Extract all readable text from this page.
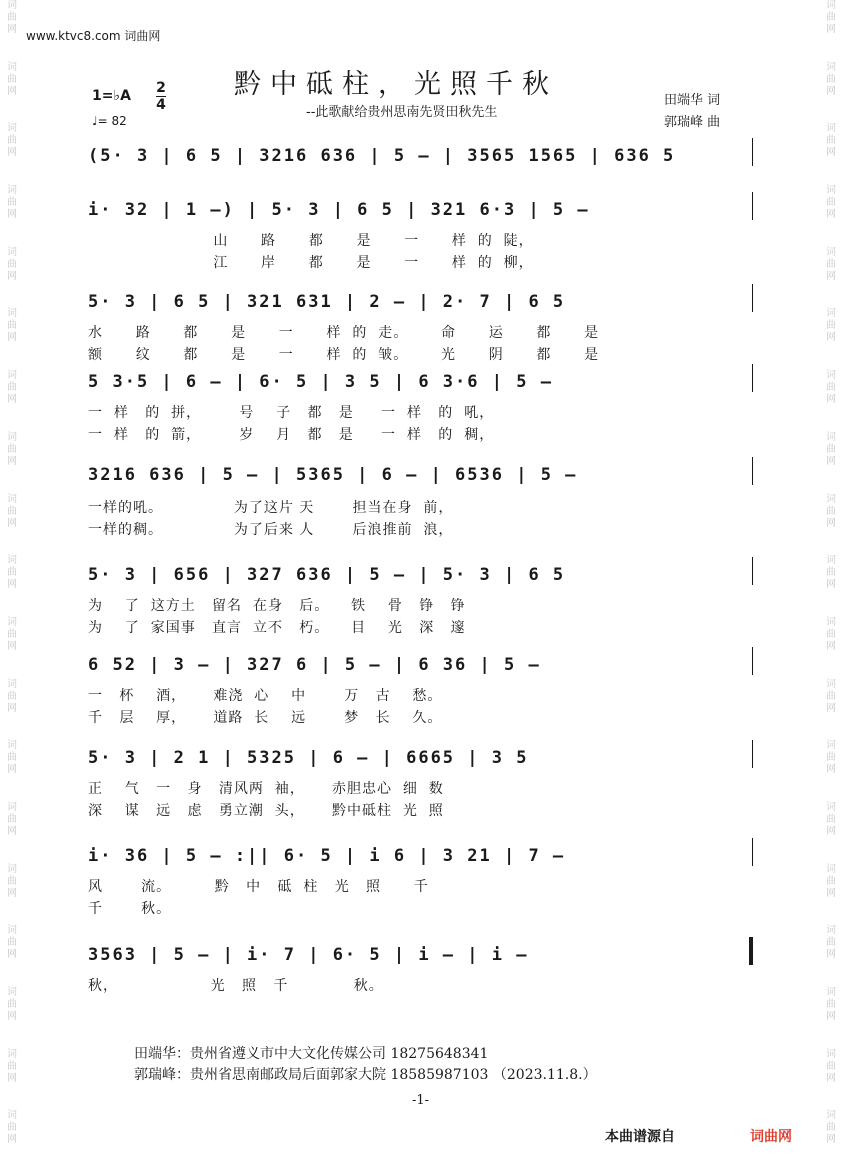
词
曲
网
词
曲
网
词
曲
网
词
曲
网
词
曲
网
词
曲
网
词
曲
网
词
曲
网
词
曲
网
词
曲
网
词
曲
网
词
曲
网
词
曲
网
词
曲
网
词
曲
网
词
曲
网
词
曲
网
词
曲
网
词
曲
网
词
曲
网
词
曲
网
词
曲
网
词
曲
网
词
曲
网
词
曲
网
词
曲
网
词
曲
网
词
曲
网
词
曲
网
词
曲
网
词
曲
网
词
曲
网
词
曲
网
词
曲
网
词
曲
网
词
曲
网
词
曲
网
词
曲
网
www.ktvc8.com 词曲网
黔中砥柱，光照千秋
--此歌献给贵州思南先贤田秋先生
田端华 词
郭瑞峰 曲
1=♭A 2
4
♩= 82
(5· 3 | 6 5 | 3216 636 | 5 – | 3565 1565 | 636 5
i· 32 | 1 –) | 5· 3 | 6 5 | 321 6·3 | 5 –
山      路      都      是      一      样  的  陡，
江      岸      都      是      一      样  的  柳，
5· 3 | 6 5 | 321 631 | 2 – | 2· 7 | 6 5
水      路      都      是      一      样  的  走。      命      运      都      是
额      纹      都      是      一      样  的  皱。      光      阴      都      是
5 3·5 | 6 – | 6· 5 | 3 5 | 6 3·6 | 5 –
一  样   的  拼，       号    子   都   是     一  样   的  吼，
一  样   的  箭，       岁    月   都   是     一  样   的  稠，
3216 636 | 5 – | 5365 | 6 – | 6536 | 5 –
一样的吼。             为了这片 天       担当在身  前，
一样的稠。             为了后来 人       后浪推前  浪，
5· 3 | 656 | 327 636 | 5 – | 5· 3 | 6 5
为    了  这方土   留名  在身   后。    铁    骨   铮   铮
为    了  家国事   直言  立不   朽。    目    光   深   邃
6 52 | 3 – | 327 6 | 5 – | 6 36 | 5 –
一   杯    酒，     难浇  心    中       万   古    愁。
千   层    厚，     道路  长    远       梦   长    久。
5· 3 | 2 1 | 5325 | 6 – | 6665 | 3 5
正    气   一   身   清风两  袖，     赤胆忠心  细  数
深    谋   远   虑   勇立潮  头，     黔中砥柱  光  照
i· 36 | 5 – :|| 6· 5 | i 6 | 3 21 | 7 –
风       流。        黔   中   砥  柱   光   照      千
千       秋。
3563 | 5 – | i· 7 | 6· 5 | i – | i –
秋，                 光   照   千            秋。
田端华：贵州省遵义市中大文化传媒公司 18275648341
郭瑞峰：贵州省思南邮政局后面郭家大院 18585987103 （2023.11.8.）
-1-
本曲谱源自	词曲网
